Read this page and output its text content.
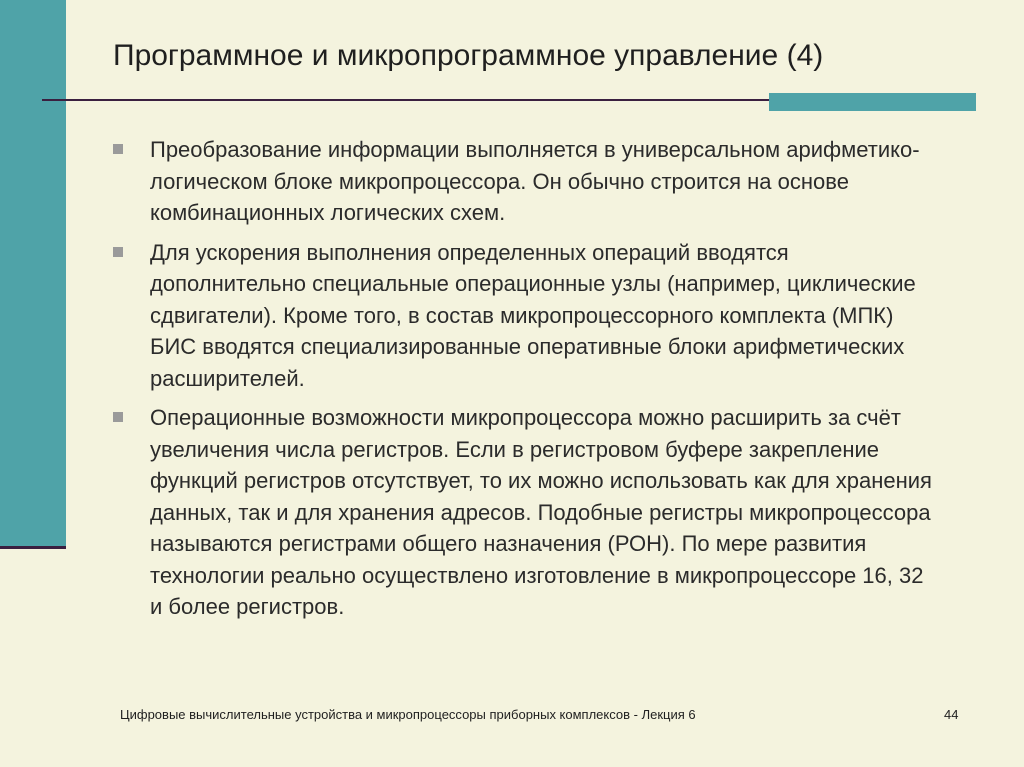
Программное и микропрограммное управление (4)
Преобразование информации выполняется в универсальном арифметико-логическом блоке микропроцессора. Он обычно строится на основе комбинационных логических схем.
Для ускорения выполнения определенных операций вводятся дополнительно специальные операционные узлы (например, циклические сдвигатели). Кроме того, в состав микропроцессорного комплекта (МПК) БИС вводятся специализированные оперативные блоки арифметических расширителей.
Операционные возможности микропроцессора можно расширить за счёт увеличения числа регистров. Если в регистровом буфере закрепление функций регистров отсутствует, то их можно использовать как для хранения данных, так и для хранения адресов. Подобные регистры микропроцессора называются регистрами общего назначения (РОН). По мере развития технологии реально осуществлено изготовление в микропроцессоре 16, 32 и более регистров.
Цифровые вычислительные устройства и микропроцессоры приборных комплексов - Лекция 6	44
